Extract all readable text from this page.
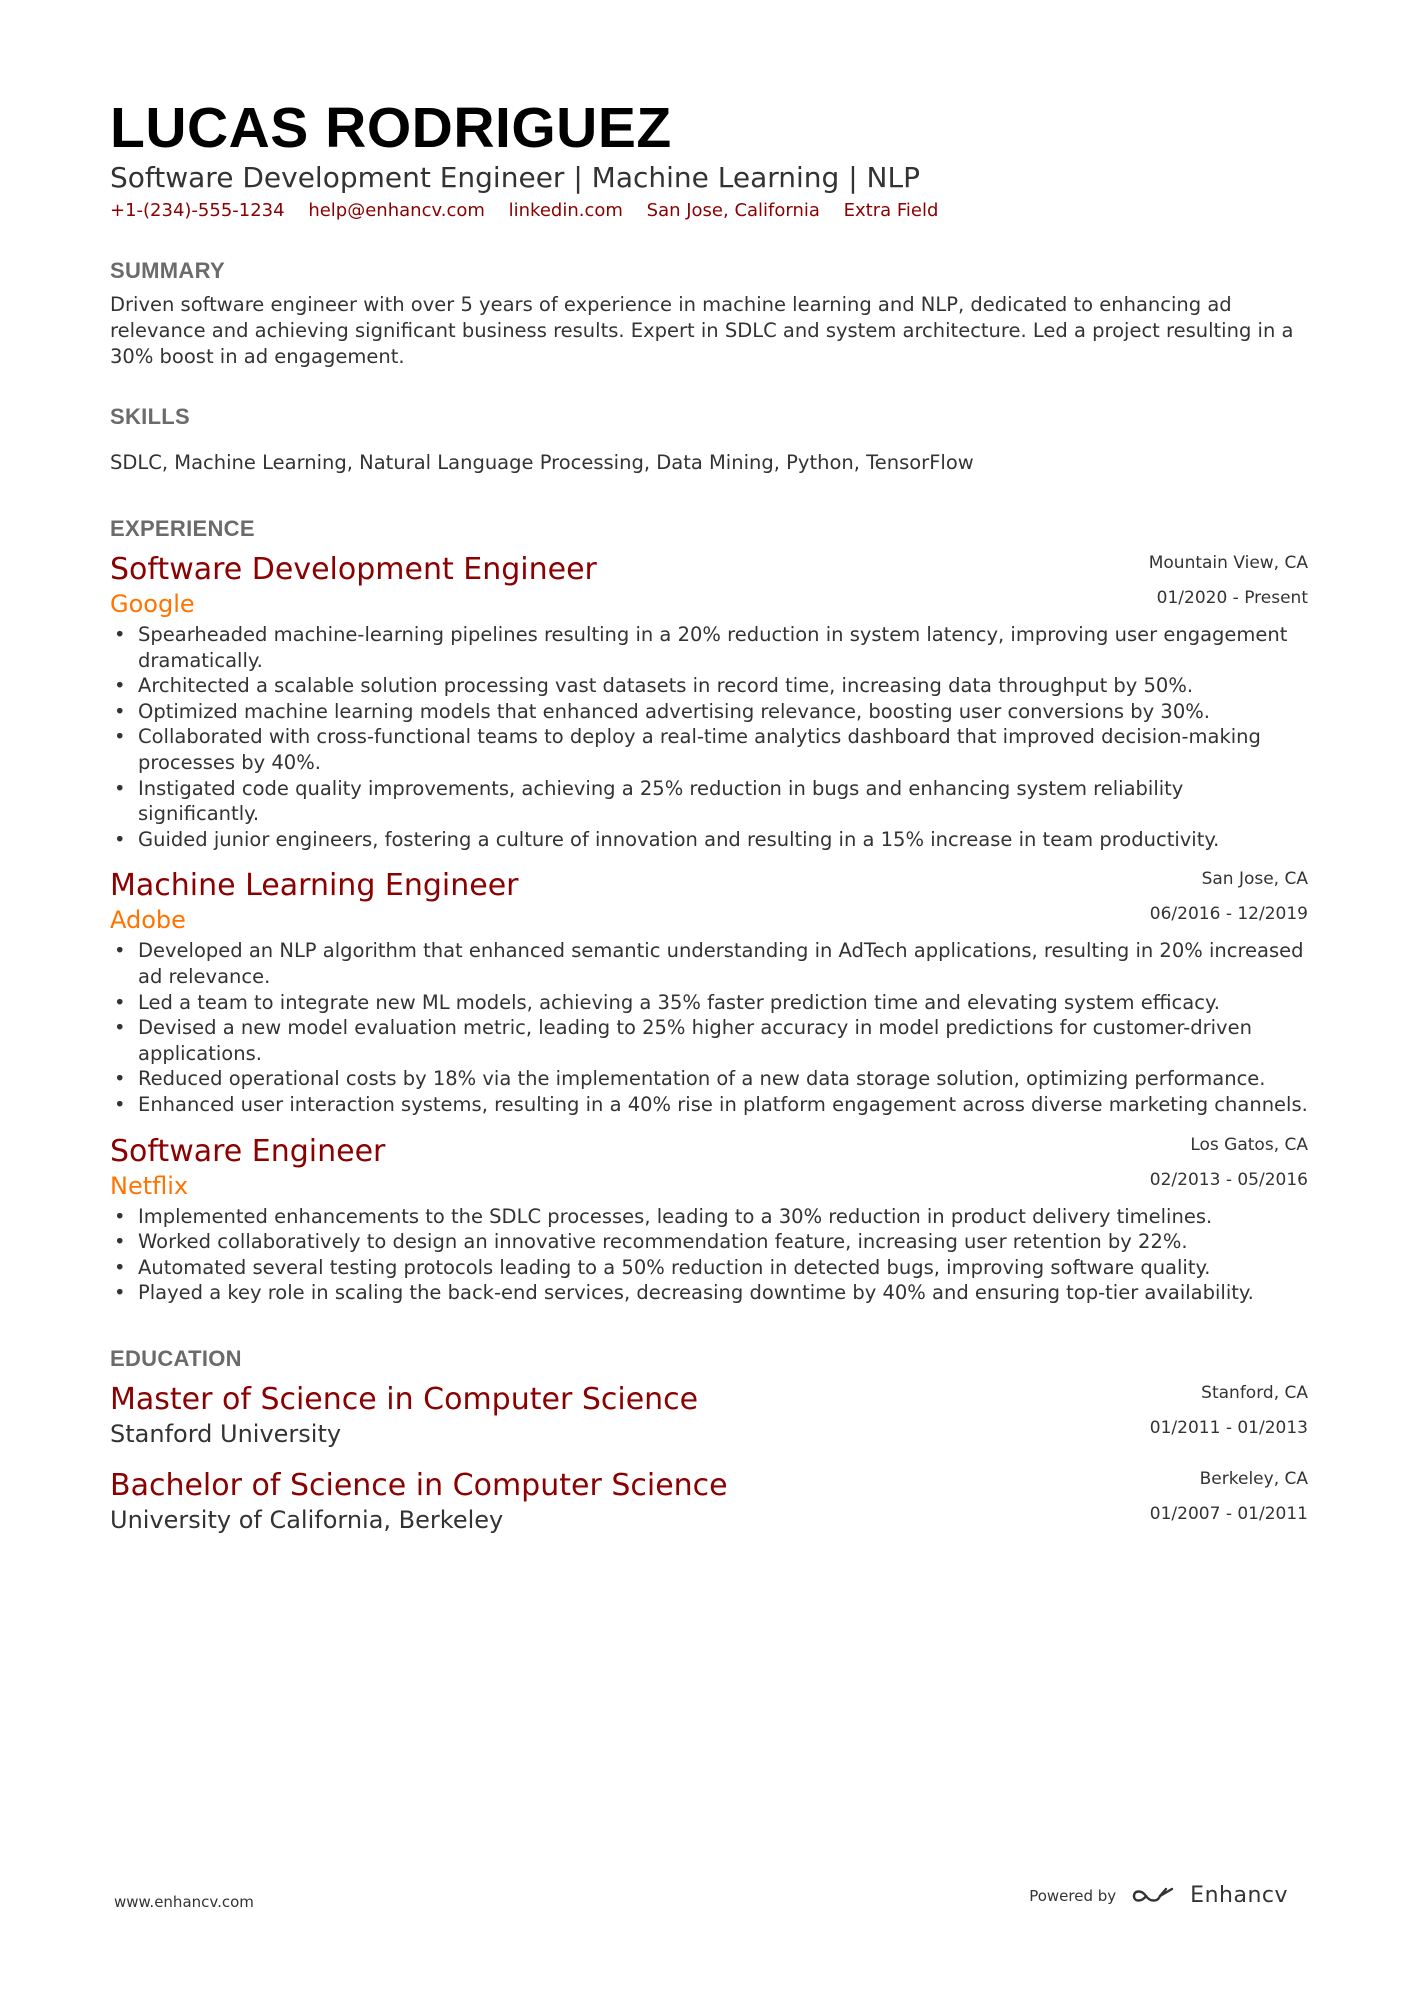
LUCAS RODRIGUEZ
Software Development Engineer | Machine Learning | NLP
+1-(234)-555-1234 help@enhancv.com linkedin.com San Jose, California Extra Field
SUMMARY
Driven software engineer with over 5 years of experience in machine learning and NLP, dedicated to enhancing ad relevance and achieving significant business results. Expert in SDLC and system architecture. Led a project resulting in a 30% boost in ad engagement.
SKILLS
SDLC, Machine Learning, Natural Language Processing, Data Mining, Python, TensorFlow
EXPERIENCE
Mountain View, CA
01/2020 - Present
Software Development Engineer
Google
• Spearheaded machine-learning pipelines resulting in a 20% reduction in system latency, improving user engagement dramatically.
• Architected a scalable solution processing vast datasets in record time, increasing data throughput by 50%.
• Optimized machine learning models that enhanced advertising relevance, boosting user conversions by 30%.
• Collaborated with cross-functional teams to deploy a real-time analytics dashboard that improved decision-making processes by 40%.
• Instigated code quality improvements, achieving a 25% reduction in bugs and enhancing system reliability significantly.
• Guided junior engineers, fostering a culture of innovation and resulting in a 15% increase in team productivity.
San Jose, CA
06/2016 - 12/2019
Machine Learning Engineer
Adobe
• Developed an NLP algorithm that enhanced semantic understanding in AdTech applications, resulting in 20% increased ad relevance.
• Led a team to integrate new ML models, achieving a 35% faster prediction time and elevating system efficacy.
• Devised a new model evaluation metric, leading to 25% higher accuracy in model predictions for customer-driven applications.
• Reduced operational costs by 18% via the implementation of a new data storage solution, optimizing performance.
• Enhanced user interaction systems, resulting in a 40% rise in platform engagement across diverse marketing channels.
Los Gatos, CA
02/2013 - 05/2016
Software Engineer
Netflix
• Implemented enhancements to the SDLC processes, leading to a 30% reduction in product delivery timelines.
• Worked collaboratively to design an innovative recommendation feature, increasing user retention by 22%.
• Automated several testing protocols leading to a 50% reduction in detected bugs, improving software quality.
• Played a key role in scaling the back-end services, decreasing downtime by 40% and ensuring top-tier availability.
EDUCATION
Stanford, CA
01/2011 - 01/2013
Master of Science in Computer Science
Stanford University
Berkeley, CA
01/2007 - 01/2011
Bachelor of Science in Computer Science
University of California, Berkeley
www.enhancv.com	Powered by	Enhancv
